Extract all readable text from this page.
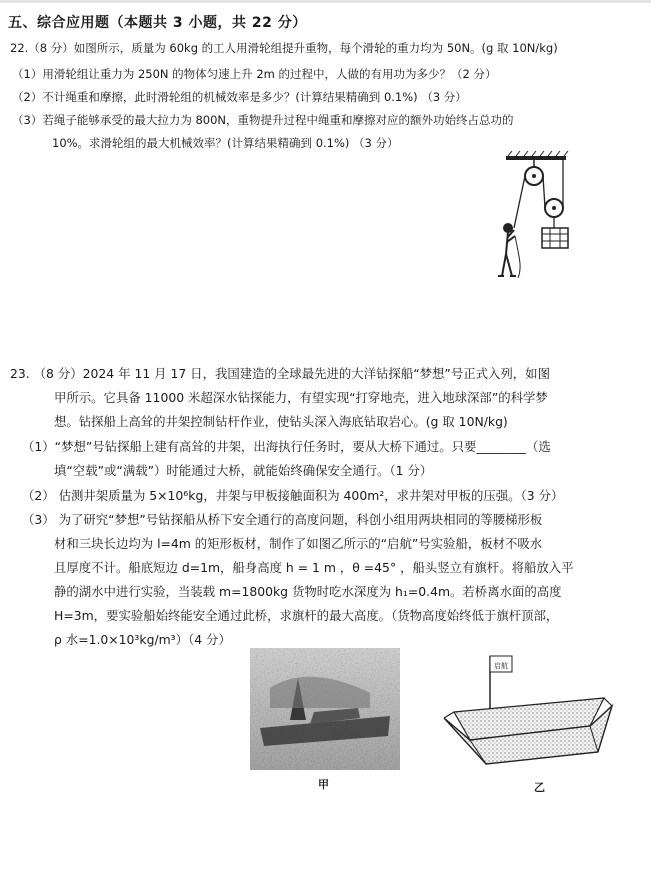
五、综合应用题（本题共 3 小题，共 22 分）
22.（8 分）如图所示，质量为 60kg 的工人用滑轮组提升重物，每个滑轮的重力均为 50N。(g 取 10N/kg)
（1）用滑轮组让重力为 250N 的物体匀速上升 2m 的过程中，人做的有用功为多少？（2 分）
（2）不计绳重和摩擦，此时滑轮组的机械效率是多少？(计算结果精确到 0.1%) （3 分）
（3）若绳子能够承受的最大拉力为 800N，重物提升过程中绳重和摩擦对应的额外功始终占总功的
10%。求滑轮组的最大机械效率？(计算结果精确到 0.1%) （3 分）
23. （8 分）2024 年 11 月 17 日，我国建造的全球最先进的大洋钻探船“梦想”号正式入列，如图
甲所示。它具备 11000 米超深水钻探能力，有望实现“打穿地壳，进入地球深部”的科学梦
想。钻探船上高耸的井架控制钻杆作业，使钻头深入海底钻取岩心。(g 取 10N/kg)
（1）“梦想”号钻探船上建有高耸的井架，出海执行任务时，要从大桥下通过。只要________（选
填“空载”或“满载”）时能通过大桥，就能始终确保安全通行。（1 分）
（2） 估测井架质量为 5×10⁶kg，井架与甲板接触面积为 400m²，求井架对甲板的压强。（3 分）
（3） 为了研究“梦想”号钻探船从桥下安全通行的高度问题，科创小组用两块相同的等腰梯形板
材和三块长边均为 l=4m 的矩形板材，制作了如图乙所示的“启航”号实验船，板材不吸水
且厚度不计。船底短边 d=1m，船身高度 h = 1 m ，θ =45° ，船头竖立有旗杆。将船放入平
静的湖水中进行实验，当装载 m=1800kg 货物时吃水深度为 h₁=0.4m。若桥离水面的高度
H=3m，要实验船始终能安全通过此桥，求旗杆的最大高度。（货物高度始终低于旗杆顶部，
ρ 水=1.0×10³kg/m³）（4 分）
甲
启航
乙
